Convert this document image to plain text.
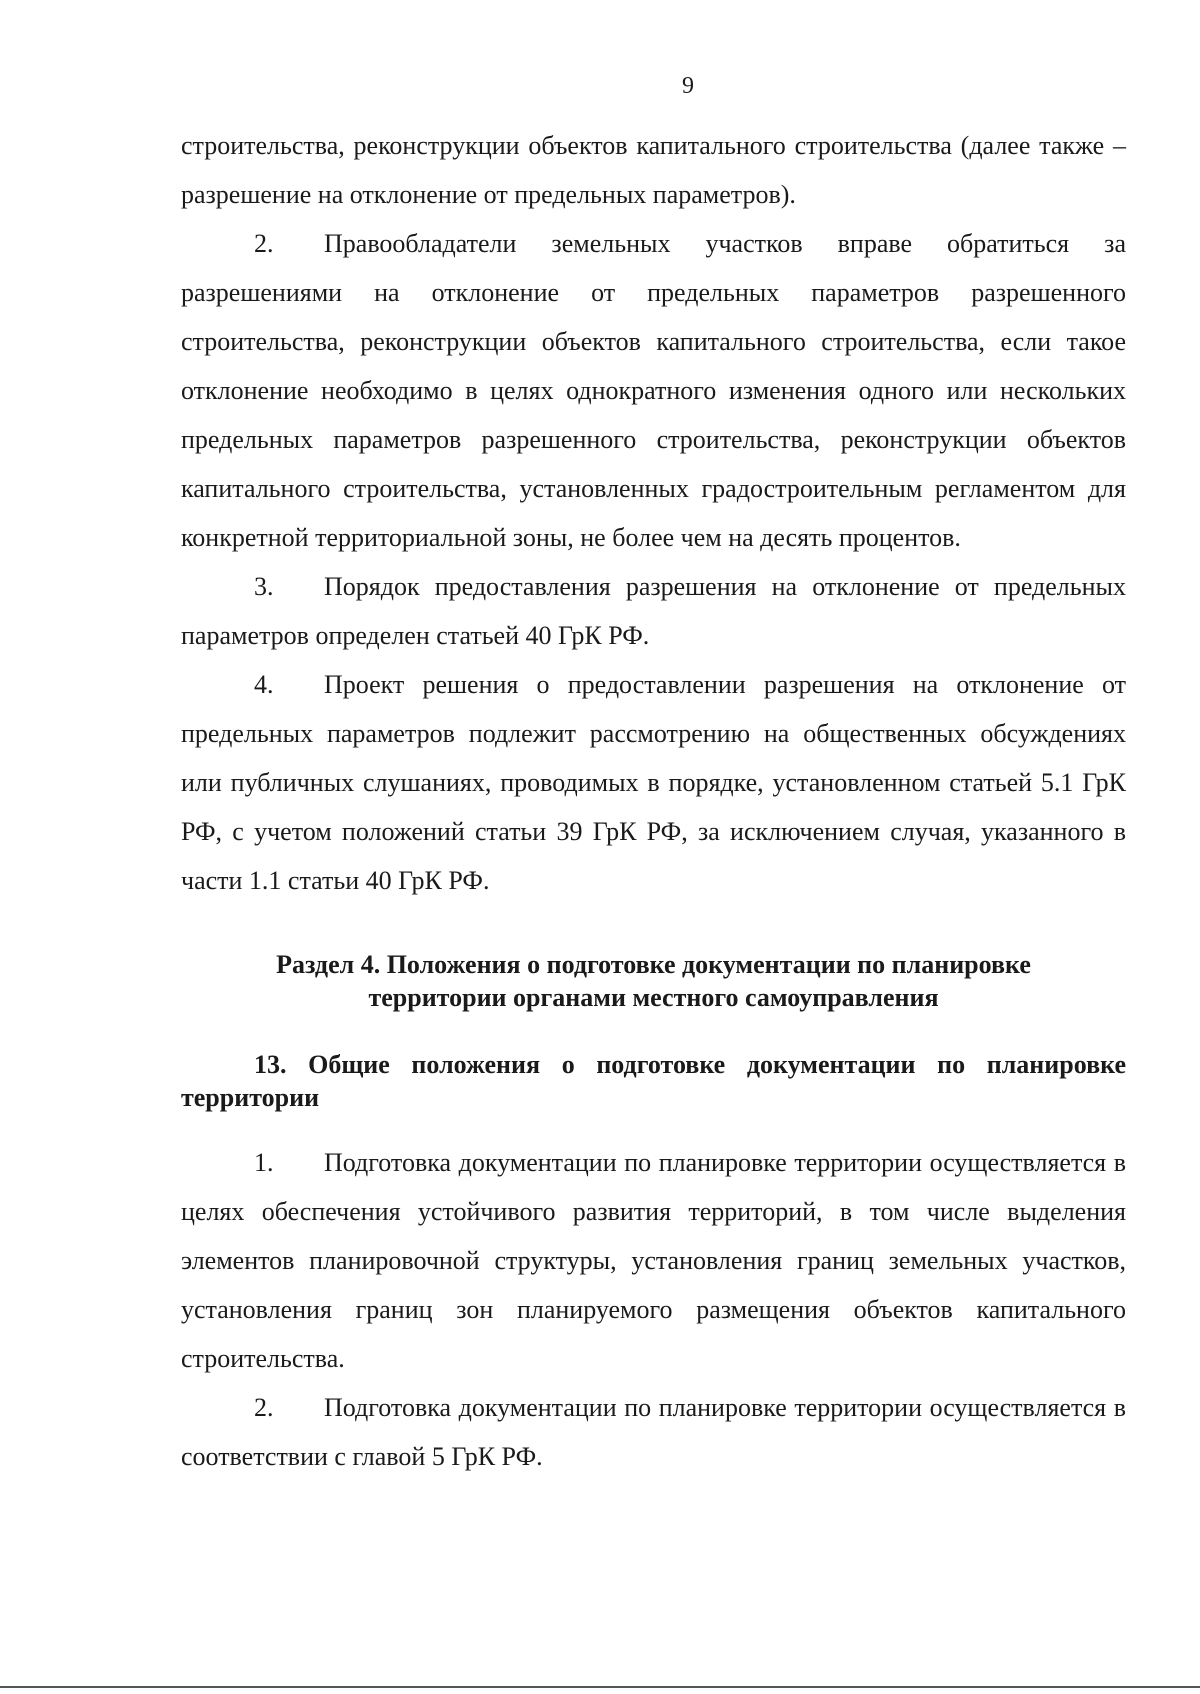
9

строительства, реконструкции объектов капитального строительства (далее также – разрешение на отклонение от предельных параметров).

2. Правообладатели земельных участков вправе обратиться за разрешениями на отклонение от предельных параметров разрешенного строительства, реконструкции объектов капитального строительства, если такое отклонение необходимо в целях однократного изменения одного или нескольких предельных параметров разрешенного строительства, реконструкции объектов капитального строительства, установленных градостроительным регламентом для конкретной территориальной зоны, не более чем на десять процентов.

3. Порядок предоставления разрешения на отклонение от предельных параметров определен статьей 40 ГрК РФ.

4. Проект решения о предоставлении разрешения на отклонение от предельных параметров подлежит рассмотрению на общественных обсуждениях или публичных слушаниях, проводимых в порядке, установленном статьей 5.1 ГрК РФ, с учетом положений статьи 39 ГрК РФ, за исключением случая, указанного в части 1.1 статьи 40 ГрК РФ.

Раздел 4. Положения о подготовке документации по планировке
территории органами местного самоуправления
13. Общие положения о подготовке документации по планировке территории

1. Подготовка документации по планировке территории осуществляется в целях обеспечения устойчивого развития территорий, в том числе выделения элементов планировочной структуры, установления границ земельных участков, установления границ зон планируемого размещения объектов капитального строительства.

2. Подготовка документации по планировке территории осуществляется в соответствии с главой 5 ГрК РФ.
